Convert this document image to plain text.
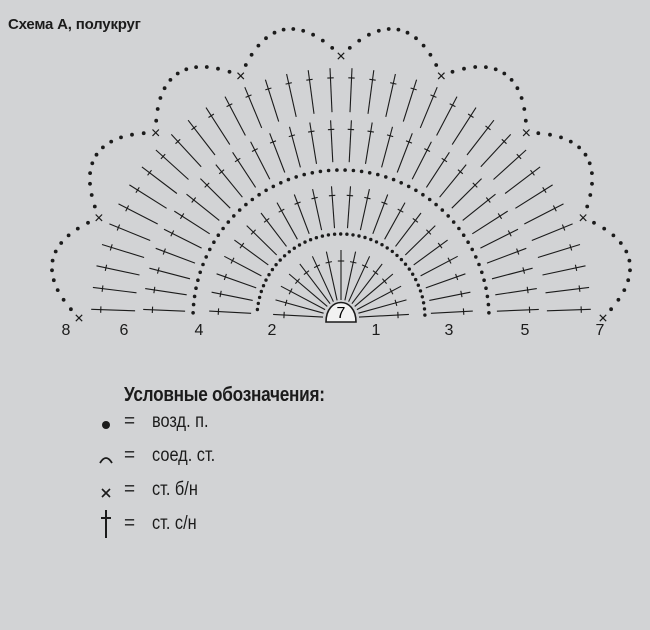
Схема А, полукруг
7
8	6	4	2	1	3	5	7
Условные обозначения:
= возд. п.
= соед. ст.
= ст. б/н
= ст. с/н
